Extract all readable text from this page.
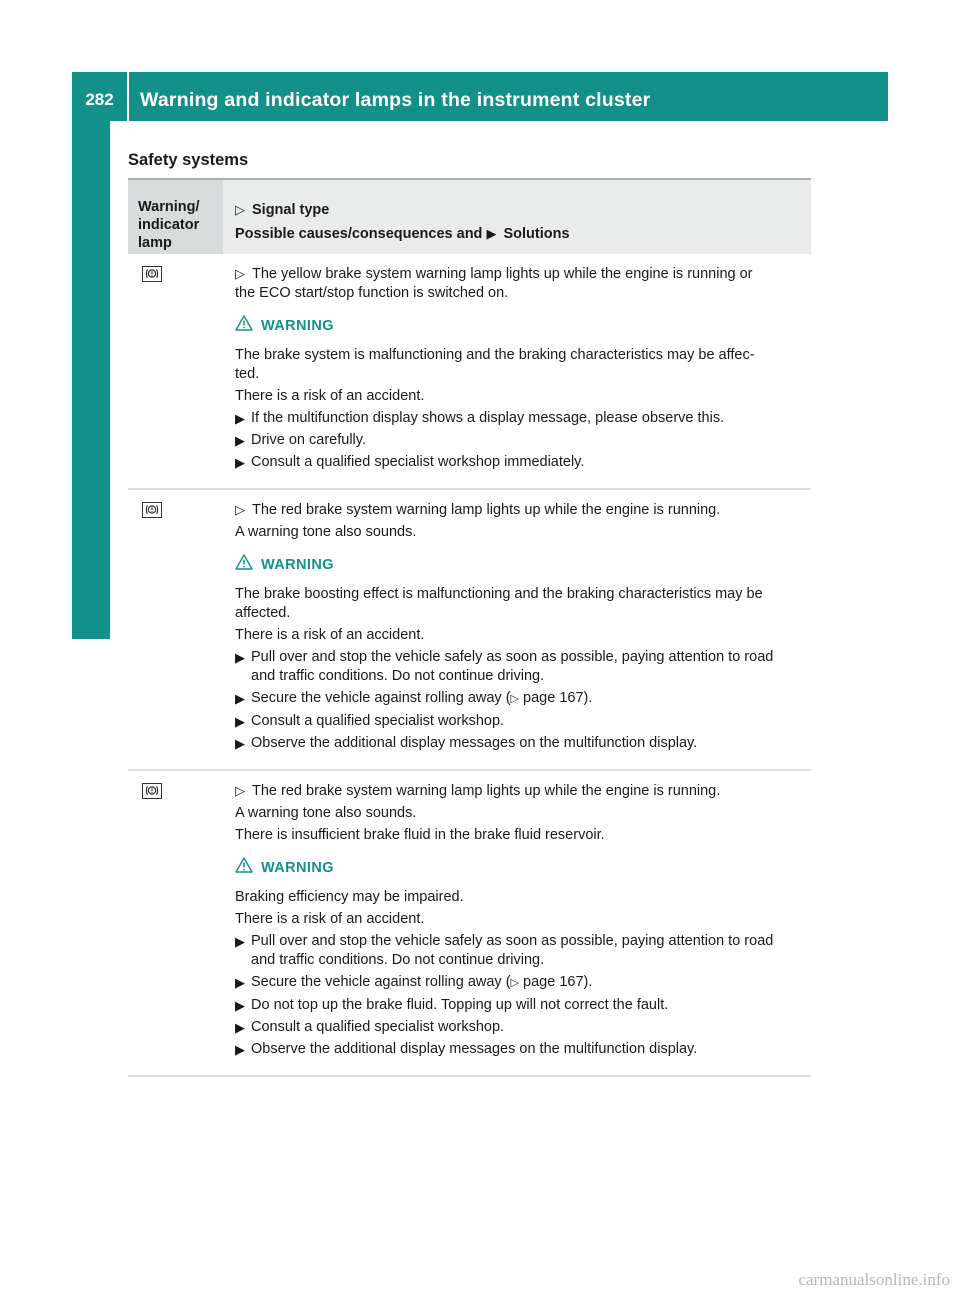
282	Warning and indicator lamps in the instrument cluster
On-board computer and displays
Safety systems
Warning/
indicator
lamp
▷ Signal type
Possible causes/consequences and ▶ Solutions
▷ The yellow brake system warning lamp lights up while the engine is running or
the ECO start/stop function is switched on.
WARNING
The brake system is malfunctioning and the braking characteristics may be affec-
ted.
There is a risk of an accident.
▶ If the multifunction display shows a display message, please observe this.
▶ Drive on carefully.
▶ Consult a qualified specialist workshop immediately.
▷ The red brake system warning lamp lights up while the engine is running.
A warning tone also sounds.
WARNING
The brake boosting effect is malfunctioning and the braking characteristics may be
affected.
There is a risk of an accident.
▶ Pull over and stop the vehicle safely as soon as possible, paying attention to road
and traffic conditions. Do not continue driving.
▶ Secure the vehicle against rolling away (▷ page 167).
▶ Consult a qualified specialist workshop.
▶ Observe the additional display messages on the multifunction display.
▷ The red brake system warning lamp lights up while the engine is running.
A warning tone also sounds.
There is insufficient brake fluid in the brake fluid reservoir.
WARNING
Braking efficiency may be impaired.
There is a risk of an accident.
▶ Pull over and stop the vehicle safely as soon as possible, paying attention to road
and traffic conditions. Do not continue driving.
▶ Secure the vehicle against rolling away (▷ page 167).
▶ Do not top up the brake fluid. Topping up will not correct the fault.
▶ Consult a qualified specialist workshop.
▶ Observe the additional display messages on the multifunction display.
carmanualsonline.info
